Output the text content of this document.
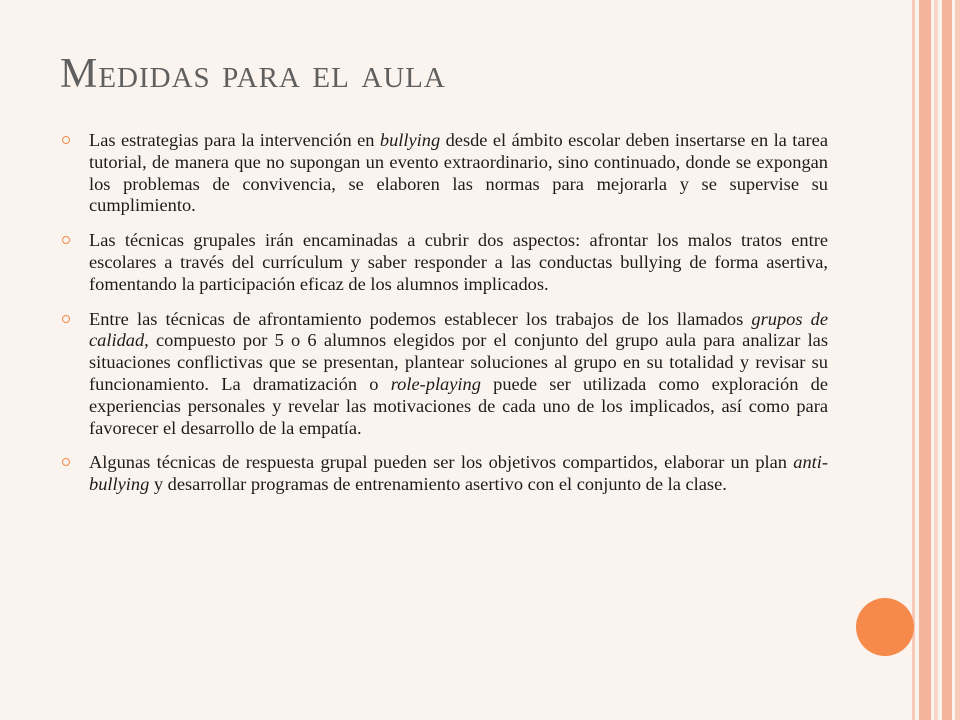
Medidas para el aula
Las estrategias para la intervención en bullying desde el ámbito escolar deben insertarse en la tarea tutorial, de manera que no supongan un evento extraordinario, sino continuado, donde se expongan los problemas de convivencia, se elaboren las normas para mejorarla y se supervise su cumplimiento.
Las técnicas grupales irán encaminadas a cubrir dos aspectos: afrontar los malos tratos entre escolares a través del currículum y saber responder a las conductas bullying de forma asertiva, fomentando la participación eficaz de los alumnos implicados.
Entre las técnicas de afrontamiento podemos establecer los trabajos de los llamados grupos de calidad, compuesto por 5 o 6 alumnos elegidos por el conjunto del grupo aula para analizar las situaciones conflictivas que se presentan, plantear soluciones al grupo en su totalidad y revisar su funcionamiento. La dramatización o role-playing puede ser utilizada como exploración de experiencias personales y revelar las motivaciones de cada uno de los implicados, así como para favorecer el desarrollo de la empatía.
Algunas técnicas de respuesta grupal pueden ser los objetivos compartidos, elaborar un plan anti-bullying y desarrollar programas de entrenamiento asertivo con el conjunto de la clase.
